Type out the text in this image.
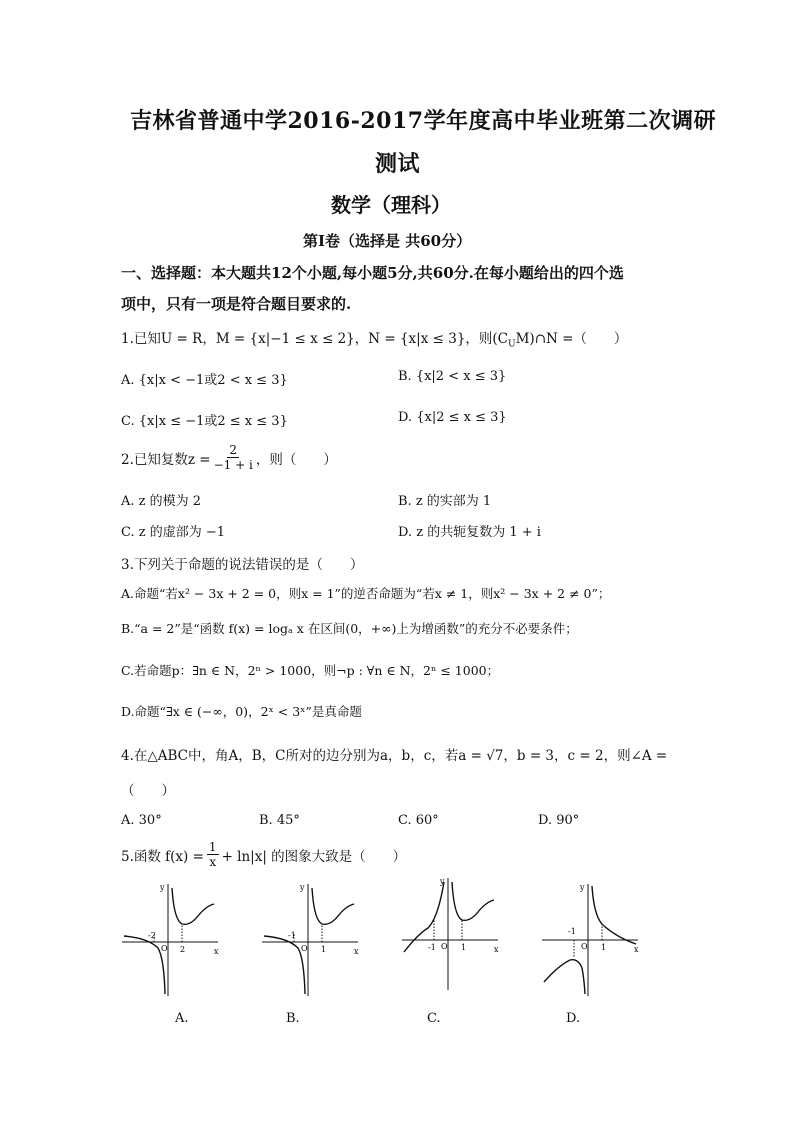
吉林省普通中学2016-2017学年度高中毕业班第二次调研
测试
数学（理科）
第Ⅰ卷（选择是 共60分）
一、选择题：本大题共12个小题,每小题5分,共60分.在每小题给出的四个选
项中，只有一项是符合题目要求的.
1.已知U = R，M = {x|−1 ≤ x ≤ 2}，N = {x|x ≤ 3}，则$(C_UM)\cap N$ =（　　）
A. {x|x < −1或2 < x ≤ 3}	B. {x|2 < x ≤ 3}
C. {x|x ≤ −1或2 ≤ x ≤ 3}	D. {x|2 ≤ x ≤ 3}
2.已知复数$z = \frac{2}{-1 + i}$ ，则（　　）
A. z 的模为 2	B. z 的实部为 1
C. z 的虚部为 −1	D. z 的共轭复数为 1 + i
3.下列关于命题的说法错误的是（　　）
A.命题“若x² − 3x + 2 = 0，则x = 1”的逆否命题为“若x ≠ 1，则x² − 3x + 2 ≠ 0”；
B.“a = 2”是“函数 f(x) = logₐ x 在区间(0，+∞)上为增函数”的充分不必要条件；
C.若命题p：∃n ∈ N，2ⁿ > 1000，则¬p : ∀n ∈ N，2ⁿ ≤ 1000；
D.命题“∃x ∈ (−∞，0)，2ˣ < 3ˣ”是真命题
4.在△ABC中，角A，B，C所对的边分别为a，b，c，若a = √7，b = 3，c = 2，则∠A =
（　　）
A. 30°	B. 45°	C. 60°	D. 90°
5.函数 $f(x) = \frac{1}{x} + \ln|x|$ 的图象大致是（　　）
y
x
O
-2
2
y
x
O
-1
1
y
x
O
-1	1
y
x
O
-1
1
A.	B.	C.	D.
